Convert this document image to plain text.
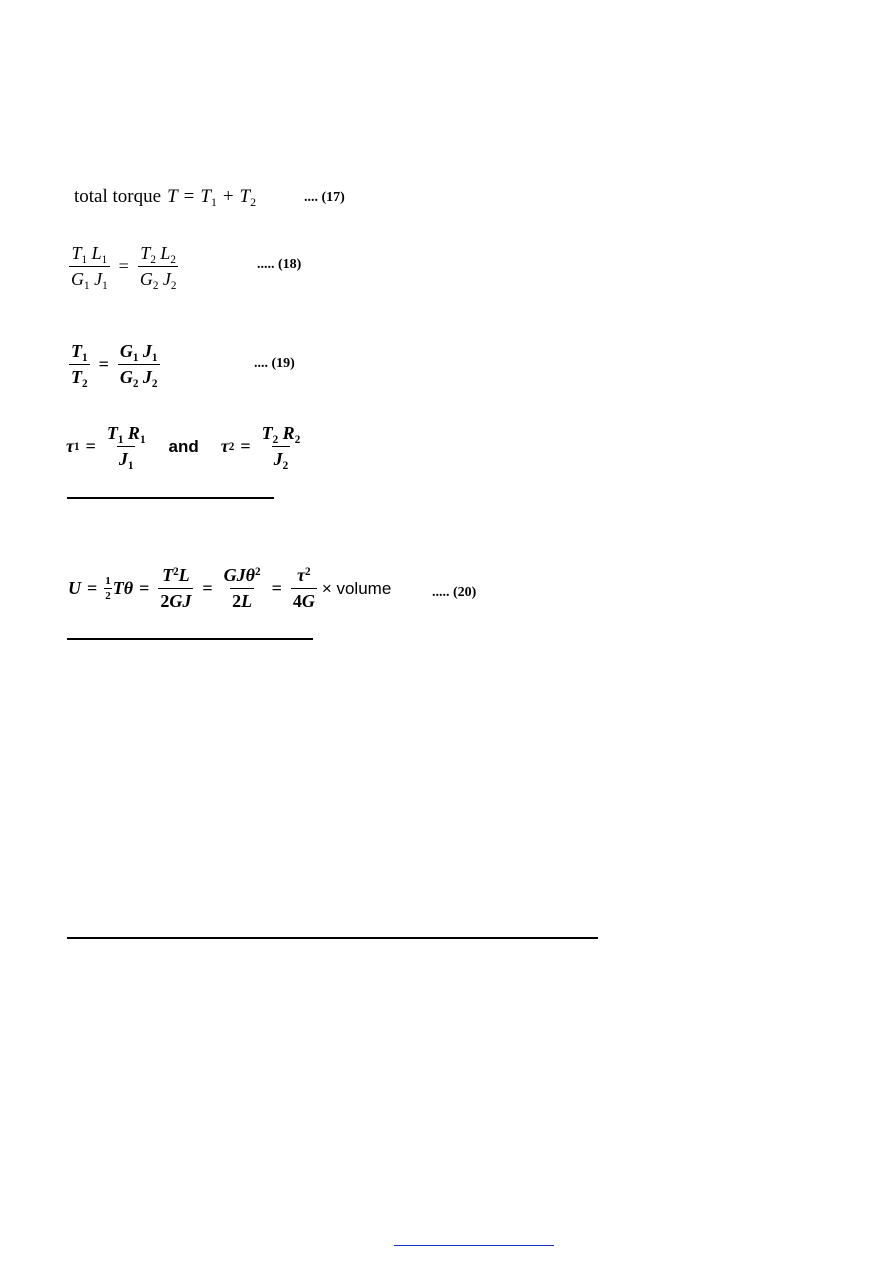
total torque $T = T_1 + T_2$	.... (17)
$\frac{T_1 L_1}{G_1 J_1} = \frac{T_2 L_2}{G_2 J_2}$	..... (18)
$\frac{T_1}{T_2} = \frac{G_1 J_1}{G_2 J_2}$	.... (19)
τ $1 = \frac{T_1 R_1}{J_1}$ and τ $2 = \frac{T_2 R_2}{J_2}$
$U = \frac{1}{2}$ $T\theta = \frac{T^2L}{2GJ} = \frac{GJ\theta^2}{2L} = \frac{\tau^2}{4G}$ × volume	..... (20)
